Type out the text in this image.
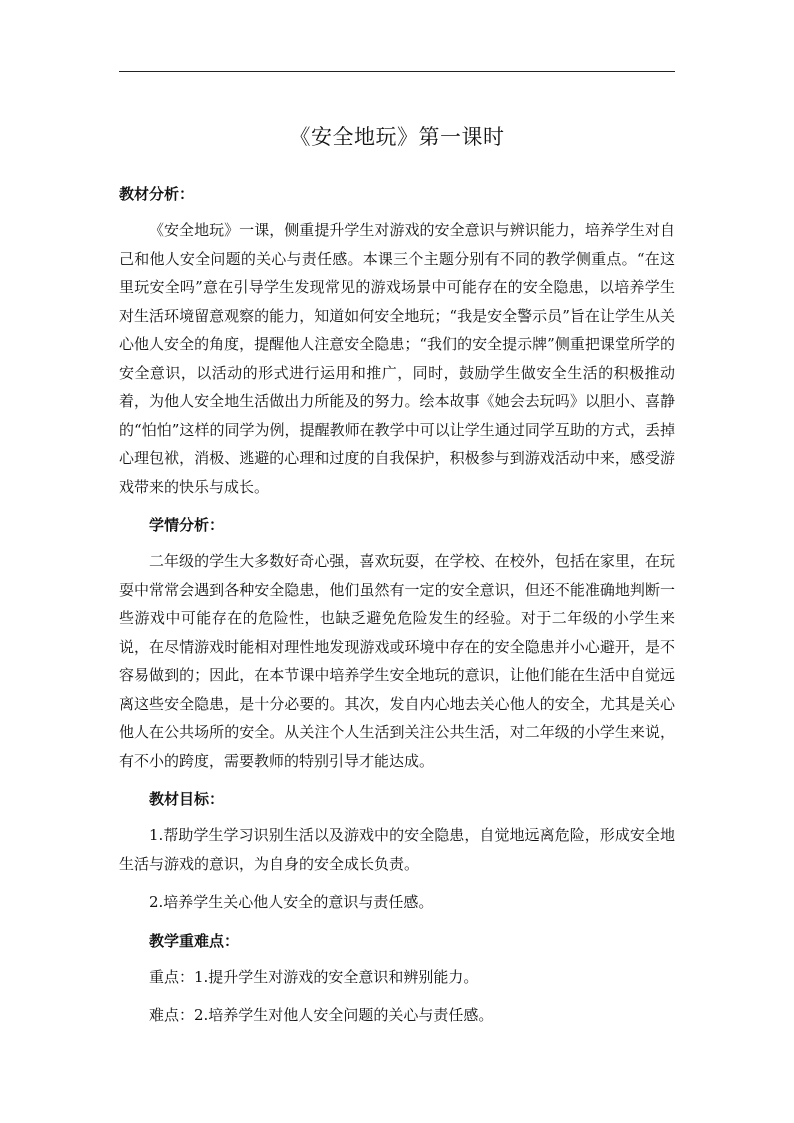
《安全地玩》第一课时

教材分析：

《安全地玩》一课，侧重提升学生对游戏的安全意识与辨识能力，培养学生对自己和他人安全问题的关心与责任感。本课三个主题分别有不同的教学侧重点。“在这里玩安全吗”意在引导学生发现常见的游戏场景中可能存在的安全隐患，以培养学生对生活环境留意观察的能力，知道如何安全地玩；“我是安全警示员”旨在让学生从关心他人安全的角度，提醒他人注意安全隐患；“我们的安全提示牌”侧重把课堂所学的安全意识，以活动的形式进行运用和推广，同时，鼓励学生做安全生活的积极推动着，为他人安全地生活做出力所能及的努力。绘本故事《她会去玩吗》以胆小、喜静的“怕怕”这样的同学为例，提醒教师在教学中可以让学生通过同学互助的方式，丢掉心理包袱，消极、逃避的心理和过度的自我保护，积极参与到游戏活动中来，感受游戏带来的快乐与成长。

学情分析：

二年级的学生大多数好奇心强，喜欢玩耍，在学校、在校外，包括在家里，在玩耍中常常会遇到各种安全隐患，他们虽然有一定的安全意识，但还不能准确地判断一些游戏中可能存在的危险性，也缺乏避免危险发生的经验。对于二年级的小学生来说，在尽情游戏时能相对理性地发现游戏或环境中存在的安全隐患并小心避开，是不容易做到的；因此，在本节课中培养学生安全地玩的意识，让他们能在生活中自觉远离这些安全隐患，是十分必要的。其次，发自内心地去关心他人的安全，尤其是关心他人在公共场所的安全。从关注个人生活到关注公共生活，对二年级的小学生来说，有不小的跨度，需要教师的特别引导才能达成。

教材目标：

1.帮助学生学习识别生活以及游戏中的安全隐患，自觉地远离危险，形成安全地生活与游戏的意识，为自身的安全成长负责。

2.培养学生关心他人安全的意识与责任感。

教学重难点：

重点：1.提升学生对游戏的安全意识和辨别能力。

难点：2.培养学生对他人安全问题的关心与责任感。
